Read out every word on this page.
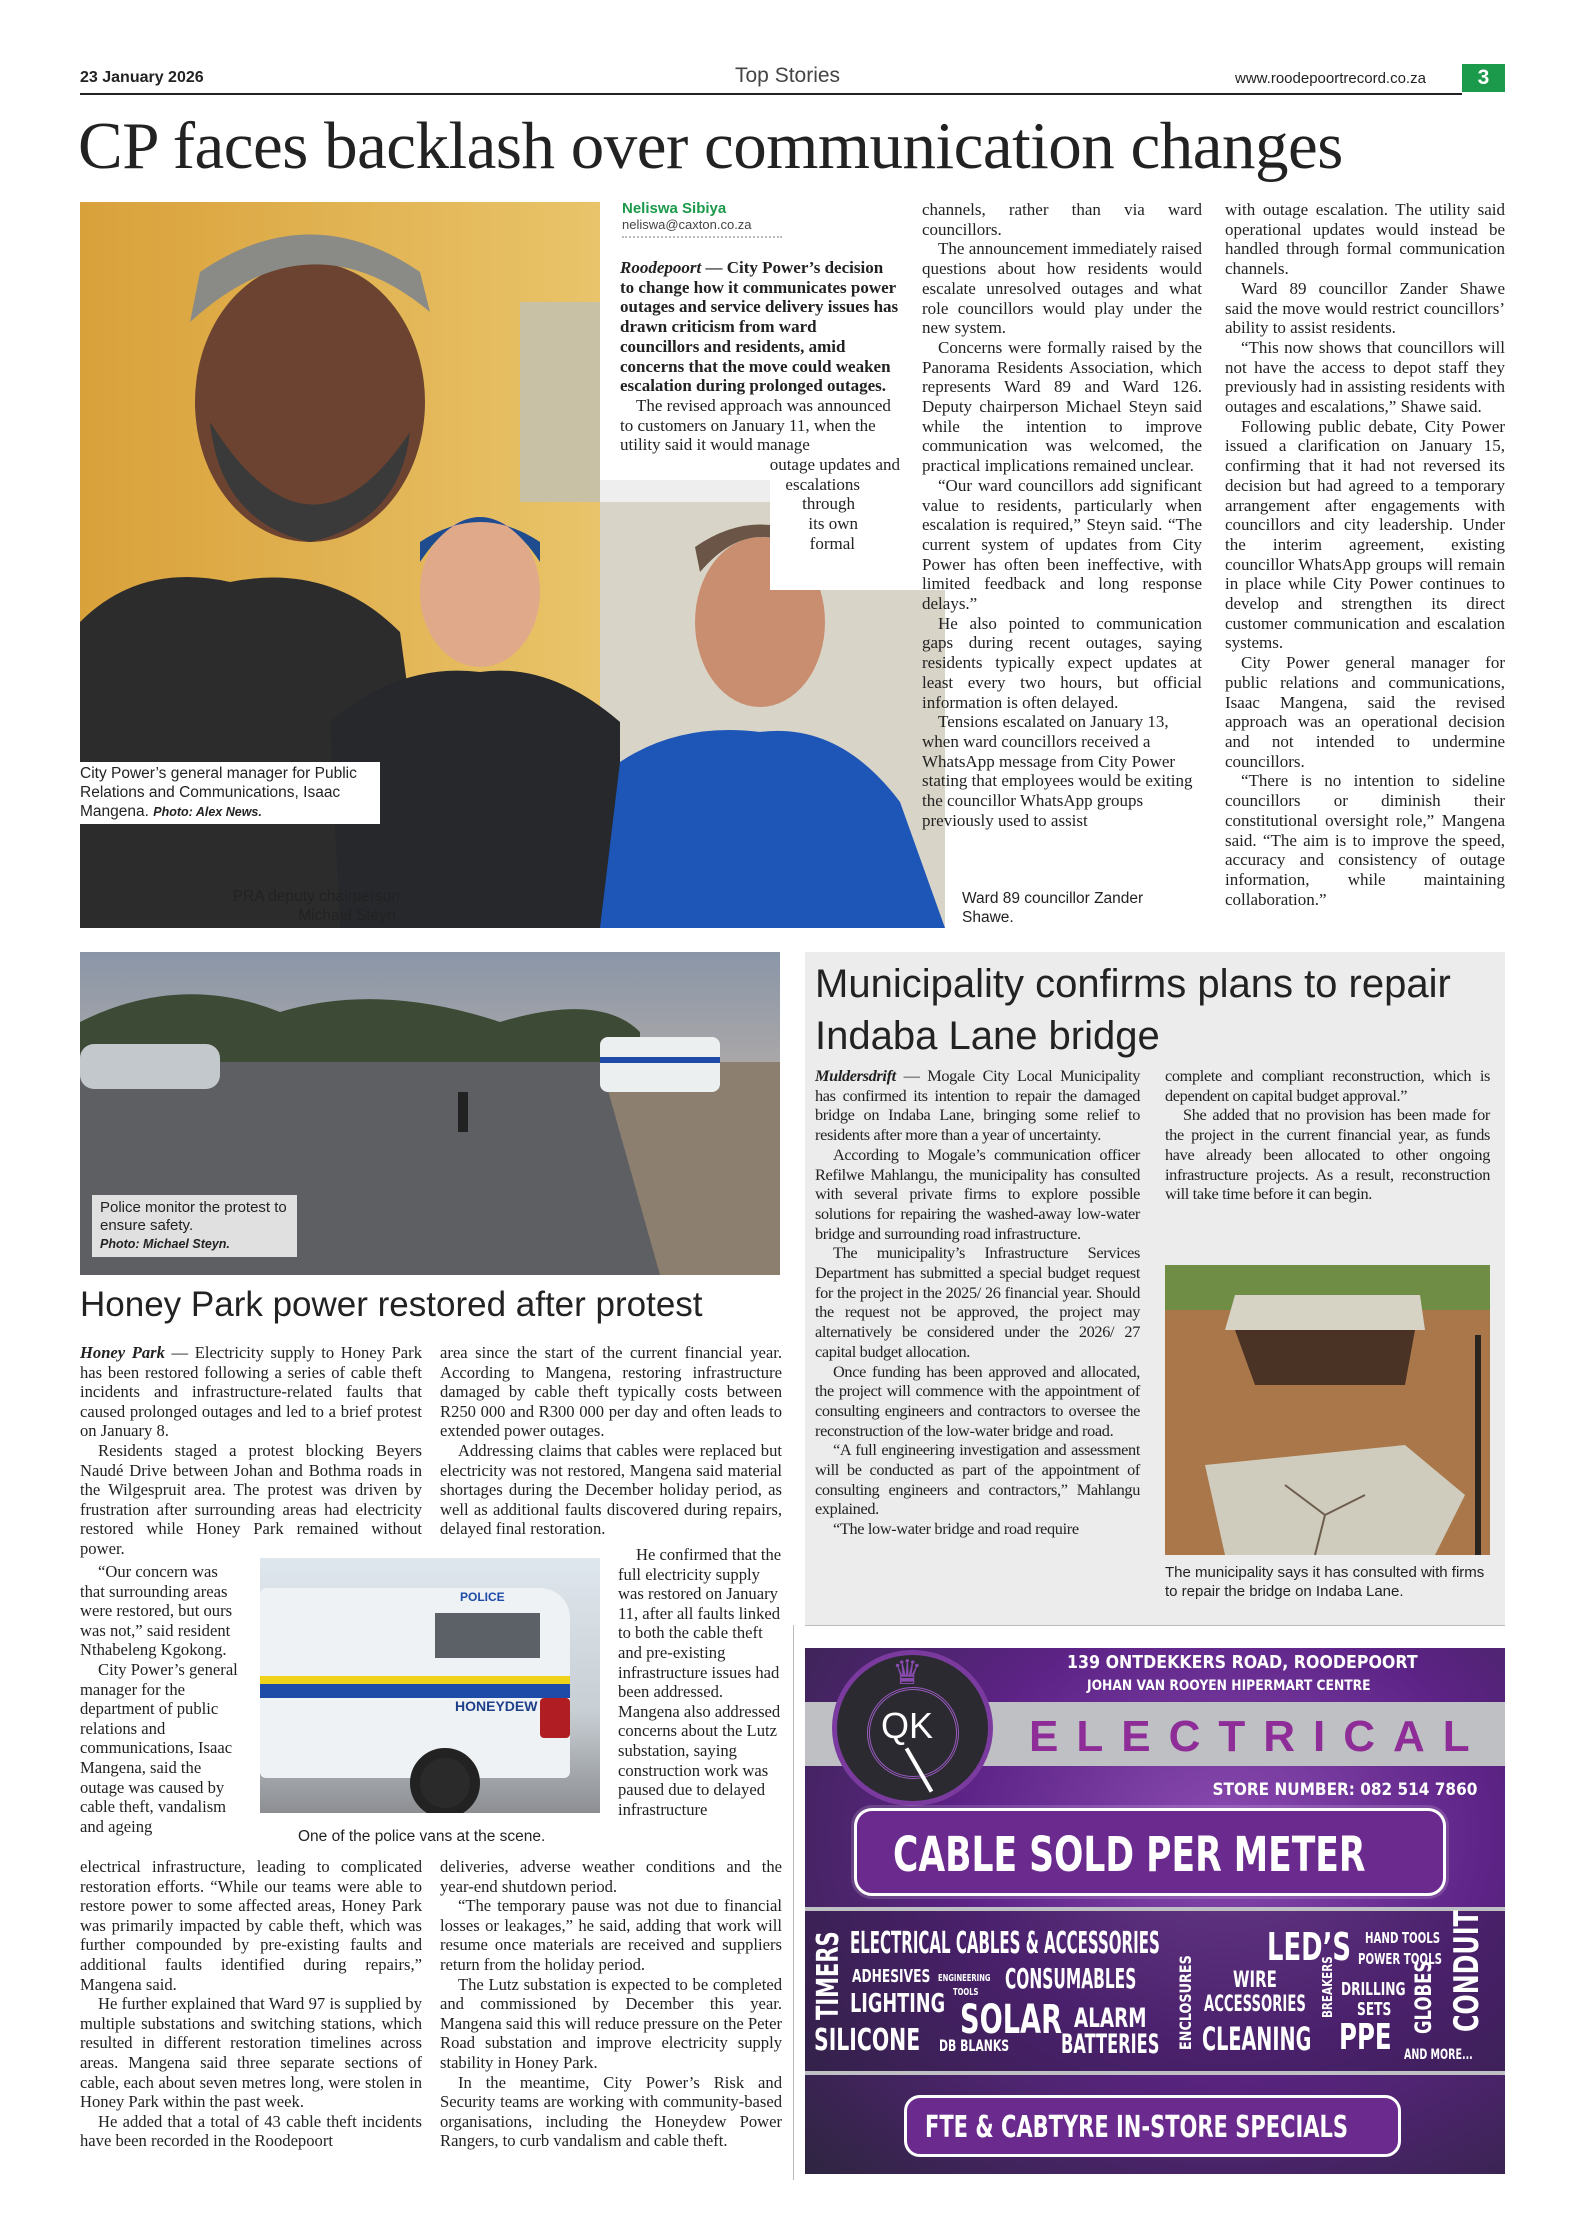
23 January 2026	Top Stories	www.roodepoortrecord.co.za	3
CP faces backlash over communication changes
City Power’s general manager for Public Relations and Communications, Isaac Mangena. Photo: Alex News.
PRA deputy chairperson Michael Steyn.
Neliswa Sibiya
neliswa@caxton.co.za

Roodepoort — City Power’s decision to change how it communicates power outages and service delivery issues has drawn criticism from ward councillors and residents, amid concerns that the move could weaken escalation during prolonged outages.

The revised approach was announced to customers on January 11, when the utility said it would manage

outage updates and
escalations
through
its own
formal

channels, rather than via ward councillors.

The announcement immediately raised questions about how residents would escalate unresolved outages and what role councillors would play under the new system.

Concerns were formally raised by the Panorama Residents Association, which represents Ward 89 and Ward 126. Deputy chairperson Michael Steyn said while the intention to improve communication was welcomed, the practical implications remained unclear.

“Our ward councillors add significant value to residents, particularly when escalation is required,” Steyn said. “The current system of updates from City Power has often been ineffective, with limited feedback and long response delays.”

He also pointed to communication gaps during recent outages, saying residents typically expect updates at least every two hours, but official information is often delayed.

Tensions escalated on January 13, when ward councillors received a WhatsApp message from City Power stating that employees would be exiting the councillor WhatsApp groups previously used to assist

Ward 89 councillor Zander Shawe.

with outage escalation. The utility said operational updates would instead be handled through formal communication channels.

Ward 89 councillor Zander Shawe said the move would restrict councillors’ ability to assist residents.

“This now shows that councillors will not have the access to depot staff they previously had in assisting residents with outages and escalations,” Shawe said.

Following public debate, City Power issued a clarification on January 15, confirming that it had not reversed its decision but had agreed to a temporary arrangement after engagements with councillors and city leadership. Under the interim agreement, existing councillor WhatsApp groups will remain in place while City Power continues to develop and strengthen its direct customer communication and escalation systems.

City Power general manager for public relations and communications, Isaac Mangena, said the revised approach was an operational decision and not intended to undermine councillors.

“There is no intention to sideline councillors or diminish their constitutional oversight role,” Mangena said. “The aim is to improve the speed, accuracy and consistency of outage information, while maintaining collaboration.”

Police monitor the protest to ensure safety.
Photo: Michael Steyn.
Honey Park power restored after protest

Honey Park — Electricity supply to Honey Park has been restored following a series of cable theft incidents and infrastructure-related faults that caused prolonged outages and led to a brief protest on January 8.

Residents staged a protest blocking Beyers Naudé Drive between Johan and Bothma roads in the Wilgespruit area. The protest was driven by frustration after surrounding areas had electricity restored while Honey Park remained without power.

“Our concern was that surrounding areas were restored, but ours was not,” said resident Nthabeleng Kgokong.

City Power’s general manager for the department of public relations and communications, Isaac Mangena, said the outage was caused by cable theft, vandalism and ageing

electrical infrastructure, leading to complicated restoration efforts. “While our teams were able to restore power to some affected areas, Honey Park was primarily impacted by cable theft, which was further compounded by pre-existing faults and additional faults identified during repairs,” Mangena said.

He further explained that Ward 97 is supplied by multiple substations and switching stations, which resulted in different restoration timelines across areas. Mangena said three separate sections of cable, each about seven metres long, were stolen in Honey Park within the past week.

He added that a total of 43 cable theft incidents have been recorded in the Roodepoort

area since the start of the current financial year. According to Mangena, restoring infrastructure damaged by cable theft typically costs between R250 000 and R300 000 per day and often leads to extended power outages.

Addressing claims that cables were replaced but electricity was not restored, Mangena said material shortages during the December holiday period, as well as additional faults discovered during repairs, delayed final restoration.

He confirmed that the full electricity supply was restored on January 11, after all faults linked to both the cable theft and pre-existing infrastructure issues had been addressed. Mangena also addressed concerns about the Lutz substation, saying construction work was paused due to delayed infrastructure

deliveries, adverse weather conditions and the year-end shutdown period.

“The temporary pause was not due to financial losses or leakages,” he said, adding that work will resume once materials are received and suppliers return from the holiday period.

The Lutz substation is expected to be completed and commissioned by December this year. Mangena said this will reduce pressure on the Peter Road substation and improve electricity supply stability in Honey Park.

In the meantime, City Power’s Risk and Security teams are working with community-based organisations, including the Honeydew Power Rangers, to curb vandalism and cable theft.

POLICE
HONEYDEW
One of the police vans at the scene.
Municipality confirms plans to repair Indaba Lane bridge

Muldersdrift — Mogale City Local Municipality has confirmed its intention to repair the damaged bridge on Indaba Lane, bringing some relief to residents after more than a year of uncertainty.

According to Mogale’s communication officer Refilwe Mahlangu, the municipality has consulted with several private firms to explore possible solutions for repairing the washed-away low-water bridge and surrounding road infrastructure.

The municipality’s Infrastructure Services Department has submitted a special budget request for the project in the 2025/ 26 financial year. Should the request not be approved, the project may alternatively be considered under the 2026/ 27 capital budget allocation.

Once funding has been approved and allocated, the project will commence with the appointment of consulting engineers and contractors to oversee the reconstruction of the low-water bridge and road.

“A full engineering investigation and assessment will be conducted as part of the appointment of consulting engineers and contractors,” Mahlangu explained.

“The low-water bridge and road require

complete and compliant reconstruction, which is dependent on capital budget approval.”

She added that no provision has been made for the project in the current financial year, as funds have already been allocated to other ongoing infrastructure projects. As a result, reconstruction will take time before it can begin.

The municipality says it has consulted with firms to repair the bridge on Indaba Lane.
139 ONTDEKKERS ROAD, ROODEPOORT
JOHAN VAN ROOYEN HIPERMART CENTRE
ELECTRICAL
♛
QK
STORE NUMBER: 082 514 7860
CABLE SOLD PER METER
TIMERS ELECTRICAL CABLES & ACCESSORIES	LED’S HAND TOOLS
POWER TOOLS CONDUIT
ADHESIVES ENGINEERING
TOOLS CONSUMABLES ENCLOSURES WIRE
ACCESSORIES BREAKERS DRILLING
SETS GLOBES
LIGHTING SOLAR ALARM
SILICONE DB BLANKS BATTERIES CLEANING PPE AND MORE...
FTE & CABTYRE IN-STORE SPECIALS
